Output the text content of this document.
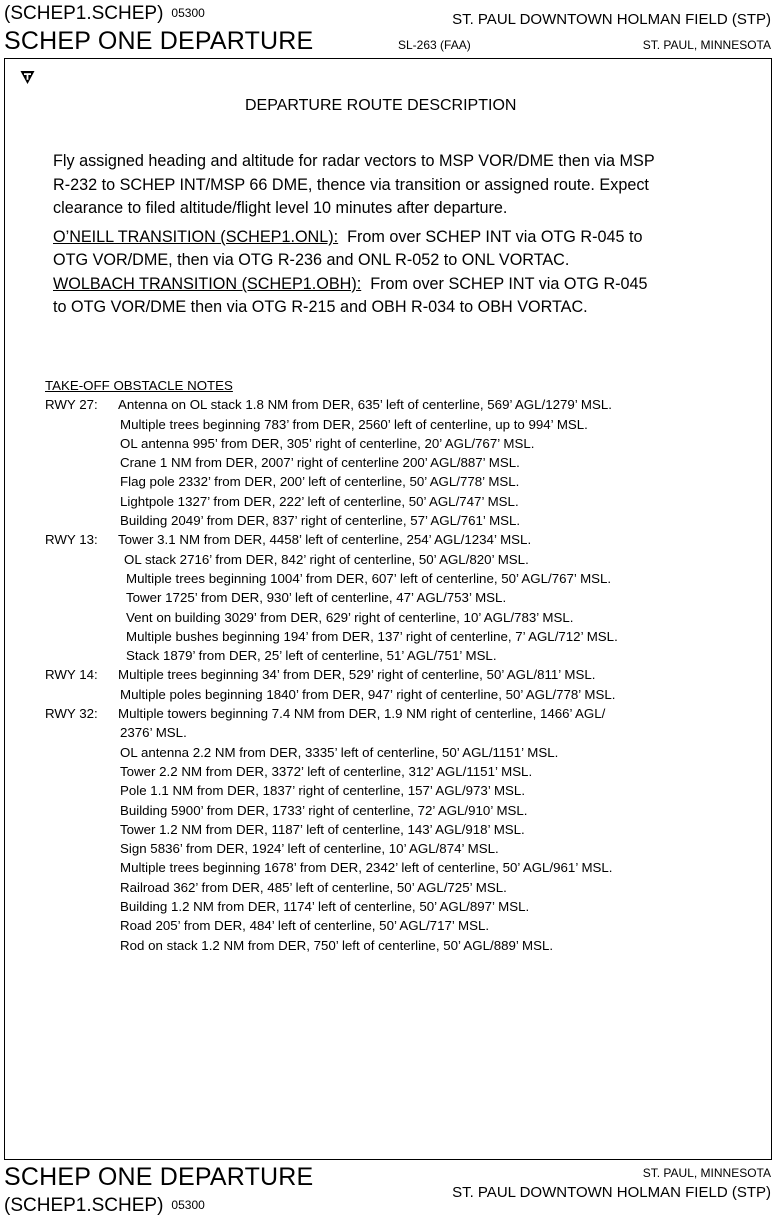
(SCHEP1.SCHEP) 05300
SCHEP ONE DEPARTURE
ST. PAUL DOWNTOWN HOLMAN FIELD (STP)
SL-263 (FAA)	ST. PAUL, MINNESOTA
DEPARTURE ROUTE DESCRIPTION
Fly assigned heading and altitude for radar vectors to MSP VOR/DME then via MSP
R-232 to SCHEP INT/MSP 66 DME, thence via transition or assigned route. Expect
clearance to filed altitude/flight level 10 minutes after departure.
O’NEILL TRANSITION (SCHEP1.ONL):  From over SCHEP INT via OTG R-045 to
OTG VOR/DME, then via OTG R-236 and ONL R-052 to ONL VORTAC.
WOLBACH TRANSITION (SCHEP1.OBH):  From over SCHEP INT via OTG R-045
to OTG VOR/DME then via OTG R-215 and OBH R-034 to OBH VORTAC.
TAKE-OFF OBSTACLE NOTES
RWY 27: Antenna on OL stack 1.8 NM from DER, 635’ left of centerline, 569’ AGL/1279’ MSL.
Multiple trees beginning 783’ from DER, 2560’ left of centerline, up to 994’ MSL.
OL antenna 995’ from DER, 305’ right of centerline, 20’ AGL/767’ MSL.
Crane 1 NM from DER, 2007’ right of centerline 200’ AGL/887’ MSL.
Flag pole 2332’ from DER, 200’ left of centerline, 50’ AGL/778’ MSL.
Lightpole 1327’ from DER, 222’ left of centerline, 50’ AGL/747’ MSL.
Building 2049’ from DER, 837’ right of centerline, 57’ AGL/761’ MSL.
RWY 13: Tower 3.1 NM from DER, 4458’ left of centerline, 254’ AGL/1234’ MSL.
OL stack 2716’ from DER, 842’ right of centerline, 50’ AGL/820’ MSL.
Multiple trees beginning 1004’ from DER, 607’ left of centerline, 50’ AGL/767’ MSL.
Tower 1725’ from DER, 930’ left of centerline, 47’ AGL/753’ MSL.
Vent on building 3029’ from DER, 629’ right of centerline, 10’ AGL/783’ MSL.
Multiple bushes beginning 194’ from DER, 137’ right of centerline, 7’ AGL/712’ MSL.
Stack 1879’ from DER, 25’ left of centerline, 51’ AGL/751’ MSL.
RWY 14: Multiple trees beginning 34’ from DER, 529’ right of centerline, 50’ AGL/811’ MSL.
Multiple poles beginning 1840’ from DER, 947’ right of centerline, 50’ AGL/778’ MSL.
RWY 32: Multiple towers beginning 7.4 NM from DER, 1.9 NM right of centerline, 1466’ AGL/
2376’ MSL.
OL antenna 2.2 NM from DER, 3335’ left of centerline, 50’ AGL/1151’ MSL.
Tower 2.2 NM from DER, 3372’ left of centerline, 312’ AGL/1151’ MSL.
Pole 1.1 NM from DER, 1837’ right of centerline, 157’ AGL/973’ MSL.
Building 5900’ from DER, 1733’ right of centerline, 72’ AGL/910’ MSL.
Tower 1.2 NM from DER, 1187’ left of centerline, 143’ AGL/918’ MSL.
Sign 5836’ from DER, 1924’ left of centerline, 10’ AGL/874’ MSL.
Multiple trees beginning 1678’ from DER, 2342’ left of centerline, 50’ AGL/961’ MSL.
Railroad 362’ from DER, 485’ left of centerline, 50’ AGL/725’ MSL.
Building 1.2 NM from DER, 1174’ left of centerline, 50’ AGL/897’ MSL.
Road 205’ from DER, 484’ left of centerline, 50’ AGL/717’ MSL.
Rod on stack 1.2 NM from DER, 750’ left of centerline, 50’ AGL/889’ MSL.
SCHEP ONE DEPARTURE
(SCHEP1.SCHEP) 05300
ST. PAUL, MINNESOTA
ST. PAUL DOWNTOWN HOLMAN FIELD (STP)
